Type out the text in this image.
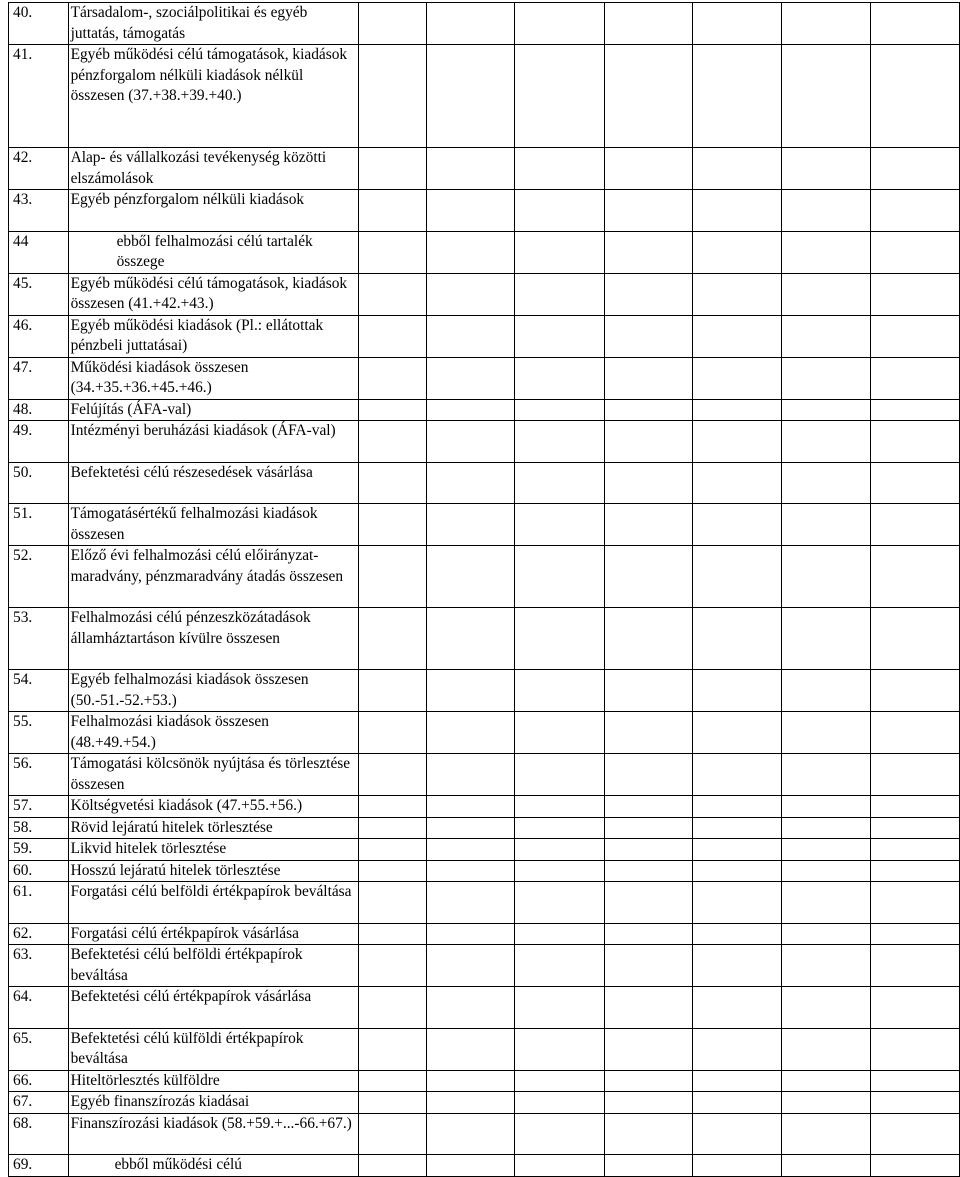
40.	Társadalom-, szociálpolitikai és egyéb juttatás, támogatás							
41.	Egyéb működési célú támogatások, kiadások pénzforgalom nélküli kiadások nélkül összesen (37.+38.+39.+40.)							
42.	Alap- és vállalkozási tevékenység közötti elszámolások							
43.	Egyéb pénzforgalom nélküli kiadások							
44	ebből felhalmozási célú tartalék összege							
45.	Egyéb működési célú támogatások, kiadások összesen (41.+42.+43.)							
46.	Egyéb működési kiadások (Pl.: ellátottak pénzbeli juttatásai)							
47.	Működési kiadások összesen (34.+35.+36.+45.+46.)							
48.	Felújítás (ÁFA-val)							
49.	Intézményi beruházási kiadások (ÁFA-val)							
50.	Befektetési célú részesedések vásárlása							
51.	Támogatásértékű felhalmozási kiadások összesen							
52.	Előző évi felhalmozási célú előirányzat-maradvány, pénzmaradvány átadás összesen							
53.	Felhalmozási célú pénzeszközátadások államháztartáson kívülre összesen							
54.	Egyéb felhalmozási kiadások összesen (50.-51.-52.+53.)							
55.	Felhalmozási kiadások összesen (48.+49.+54.)							
56.	Támogatási kölcsönök nyújtása és törlesztése összesen							
57.	Költségvetési kiadások (47.+55.+56.)							
58.	Rövid lejáratú hitelek törlesztése							
59.	Likvid hitelek törlesztése							
60.	Hosszú lejáratú hitelek törlesztése							
61.	Forgatási célú belföldi értékpapírok beváltása							
62.	Forgatási célú értékpapírok vásárlása							
63.	Befektetési célú belföldi értékpapírok beváltása							
64.	Befektetési célú értékpapírok vásárlása							
65.	Befektetési célú külföldi értékpapírok beváltása							
66.	Hiteltörlesztés külföldre							
67.	Egyéb finanszírozás kiadásai							
68.	Finanszírozási kiadások (58.+59.+...-66.+67.)							
69.	ebből működési célú							
